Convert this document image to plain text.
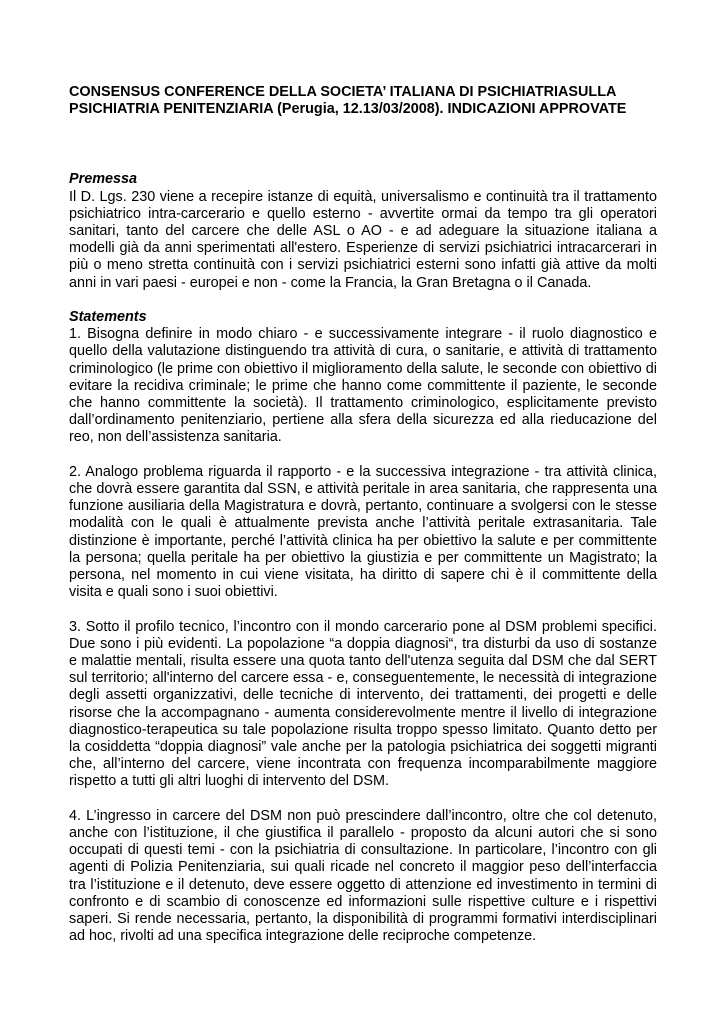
CONSENSUS CONFERENCE DELLA SOCIETA’ ITALIANA DI PSICHIATRIASULLA PSICHIATRIA PENITENZIARIA (Perugia, 12.13/03/2008). INDICAZIONI APPROVATE

Premessa

Il D. Lgs. 230 viene a recepire istanze di equità, universalismo e continuità tra il trattamento psichiatrico intra-carcerario e quello esterno - avvertite ormai da tempo tra gli operatori sanitari, tanto del carcere che delle ASL o AO - e ad adeguare la situazione italiana a modelli già da anni sperimentati all'estero. Esperienze di servizi psichiatrici intracarcerari in più o meno stretta continuità con i servizi psichiatrici esterni sono infatti già attive da molti anni in vari paesi - europei e non - come la Francia, la Gran Bretagna o il Canada.

Statements

1. Bisogna definire in modo chiaro - e successivamente integrare - il ruolo diagnostico e quello della valutazione distinguendo tra attività di cura, o sanitarie, e attività di trattamento criminologico (le prime con obiettivo il miglioramento della salute, le seconde con obiettivo di evitare la recidiva criminale; le prime che hanno come committente il paziente, le seconde che hanno committente la società). Il trattamento criminologico, esplicitamente previsto dall’ordinamento penitenziario, pertiene alla sfera della sicurezza ed alla rieducazione del reo, non dell’assistenza sanitaria.

2. Analogo problema riguarda il rapporto - e la successiva integrazione - tra attività clinica, che dovrà essere garantita dal SSN, e attività peritale in area sanitaria, che rappresenta una funzione ausiliaria della Magistratura e dovrà, pertanto, continuare a svolgersi con le stesse modalità con le quali è attualmente prevista anche l’attività peritale extrasanitaria. Tale distinzione è importante, perché l’attività clinica ha per obiettivo la salute e per committente la persona; quella peritale ha per obiettivo la giustizia e per committente un Magistrato; la persona, nel momento in cui viene visitata, ha diritto di sapere chi è il committente della visita e quali sono i suoi obiettivi.

3. Sotto il profilo tecnico, l’incontro con il mondo carcerario pone al DSM problemi specifici. Due sono i più evidenti. La popolazione “a doppia diagnosi“, tra disturbi da uso di sostanze e malattie mentali, risulta essere una quota tanto dell'utenza seguita dal DSM che dal SERT sul territorio; all'interno del carcere essa - e, conseguentemente, le necessità di integrazione degli assetti organizzativi, delle tecniche di intervento, dei trattamenti, dei progetti e delle risorse che la accompagnano - aumenta considerevolmente mentre il livello di integrazione diagnostico-terapeutica su tale popolazione risulta troppo spesso limitato. Quanto detto per la cosiddetta “doppia diagnosi” vale anche per la patologia psichiatrica dei soggetti migranti che, all’interno del carcere, viene incontrata con frequenza incomparabilmente maggiore rispetto a tutti gli altri luoghi di intervento del DSM.

4. L’ingresso in carcere del DSM non può prescindere dall’incontro, oltre che col detenuto, anche con l’istituzione, il che giustifica il parallelo - proposto da alcuni autori che si sono occupati di questi temi - con la psichiatria di consultazione. In particolare, l’incontro con gli agenti di Polizia Penitenziaria, sui quali ricade nel concreto il maggior peso dell’interfaccia tra l’istituzione e il detenuto, deve essere oggetto di attenzione ed investimento in termini di confronto e di scambio di conoscenze ed informazioni sulle rispettive culture e i rispettivi saperi. Si rende necessaria, pertanto, la disponibilità di programmi formativi interdisciplinari ad hoc, rivolti ad una specifica integrazione delle reciproche competenze.
